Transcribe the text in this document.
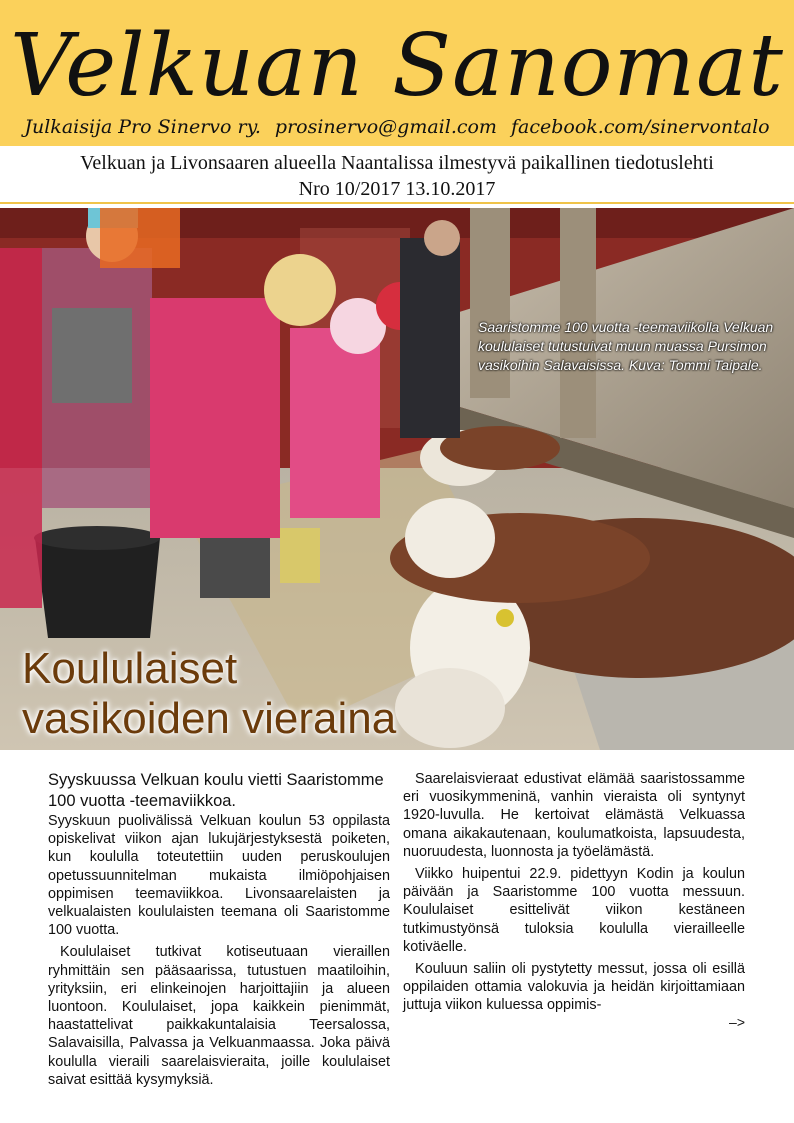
Velkuan Sanomat
Julkaisija Pro Sinervo ry. prosinervo@gmail.com facebook.com/sinervontalo
Velkuan ja Livonsaaren alueella Naantalissa ilmestyvä paikallinen tiedotuslehti
Nro 10/2017 13.10.2017
Saaristomme 100 vuotta -teemaviikolla Velkuan koululaiset tutustuivat muun muassa Pursimon vasikoihin Salavaisissa. Kuva: Tommi Taipale.
Koululaiset
vasikoiden vieraina

Syyskuussa Velkuan koulu vietti Saaristomme 100 vuotta -teemaviikkoa.

Syyskuun puolivälissä Velkuan koulun 53 oppilasta opiskelivat viikon ajan lukujärjestyksestä poiketen, kun koululla toteutettiin uuden peruskoulujen opetussuunnitelman mukaista ilmiöpohjaisen oppimisen teemaviikkoa. Livonsaarelaisten ja velkualaisten koululaisten teemana oli Saaristomme 100 vuotta.

Koululaiset tutkivat kotiseutuaan vieraillen ryhmittäin sen pääsaarissa, tutustuen maatiloihin, yrityksiin, eri elinkeinojen harjoittajiin ja alueen luontoon. Koululaiset, jopa kaikkein pienimmät, haastattelivat paikkakuntalaisia Teersalossa, Salavaisilla, Palvassa ja Velkuanmaassa. Joka päivä koululla vieraili saarelaisvieraita, joille koululaiset saivat esittää kysymyksiä.

Saarelaisvieraat edustivat elämää saaristossamme eri vuosikymmeninä, vanhin vieraista oli syntynyt 1920-luvulla. He kertoivat elämästä Velkuassa omana aikakautenaan, koulumatkoista, lapsuudesta, nuoruudesta, luonnosta ja työelämästä.

Viikko huipentui 22.9. pidettyyn Kodin ja koulun päivään ja Saaristomme 100 vuotta messuun. Koululaiset esittelivät viikon kestäneen tutkimustyönsä tuloksia koululla vierailleelle kotiväelle.

Kouluun saliin oli pystytetty messut, jossa oli esillä oppilaiden ottamia valokuvia ja heidän kirjoittamiaan juttuja viikon kuluessa oppimis-

–>
